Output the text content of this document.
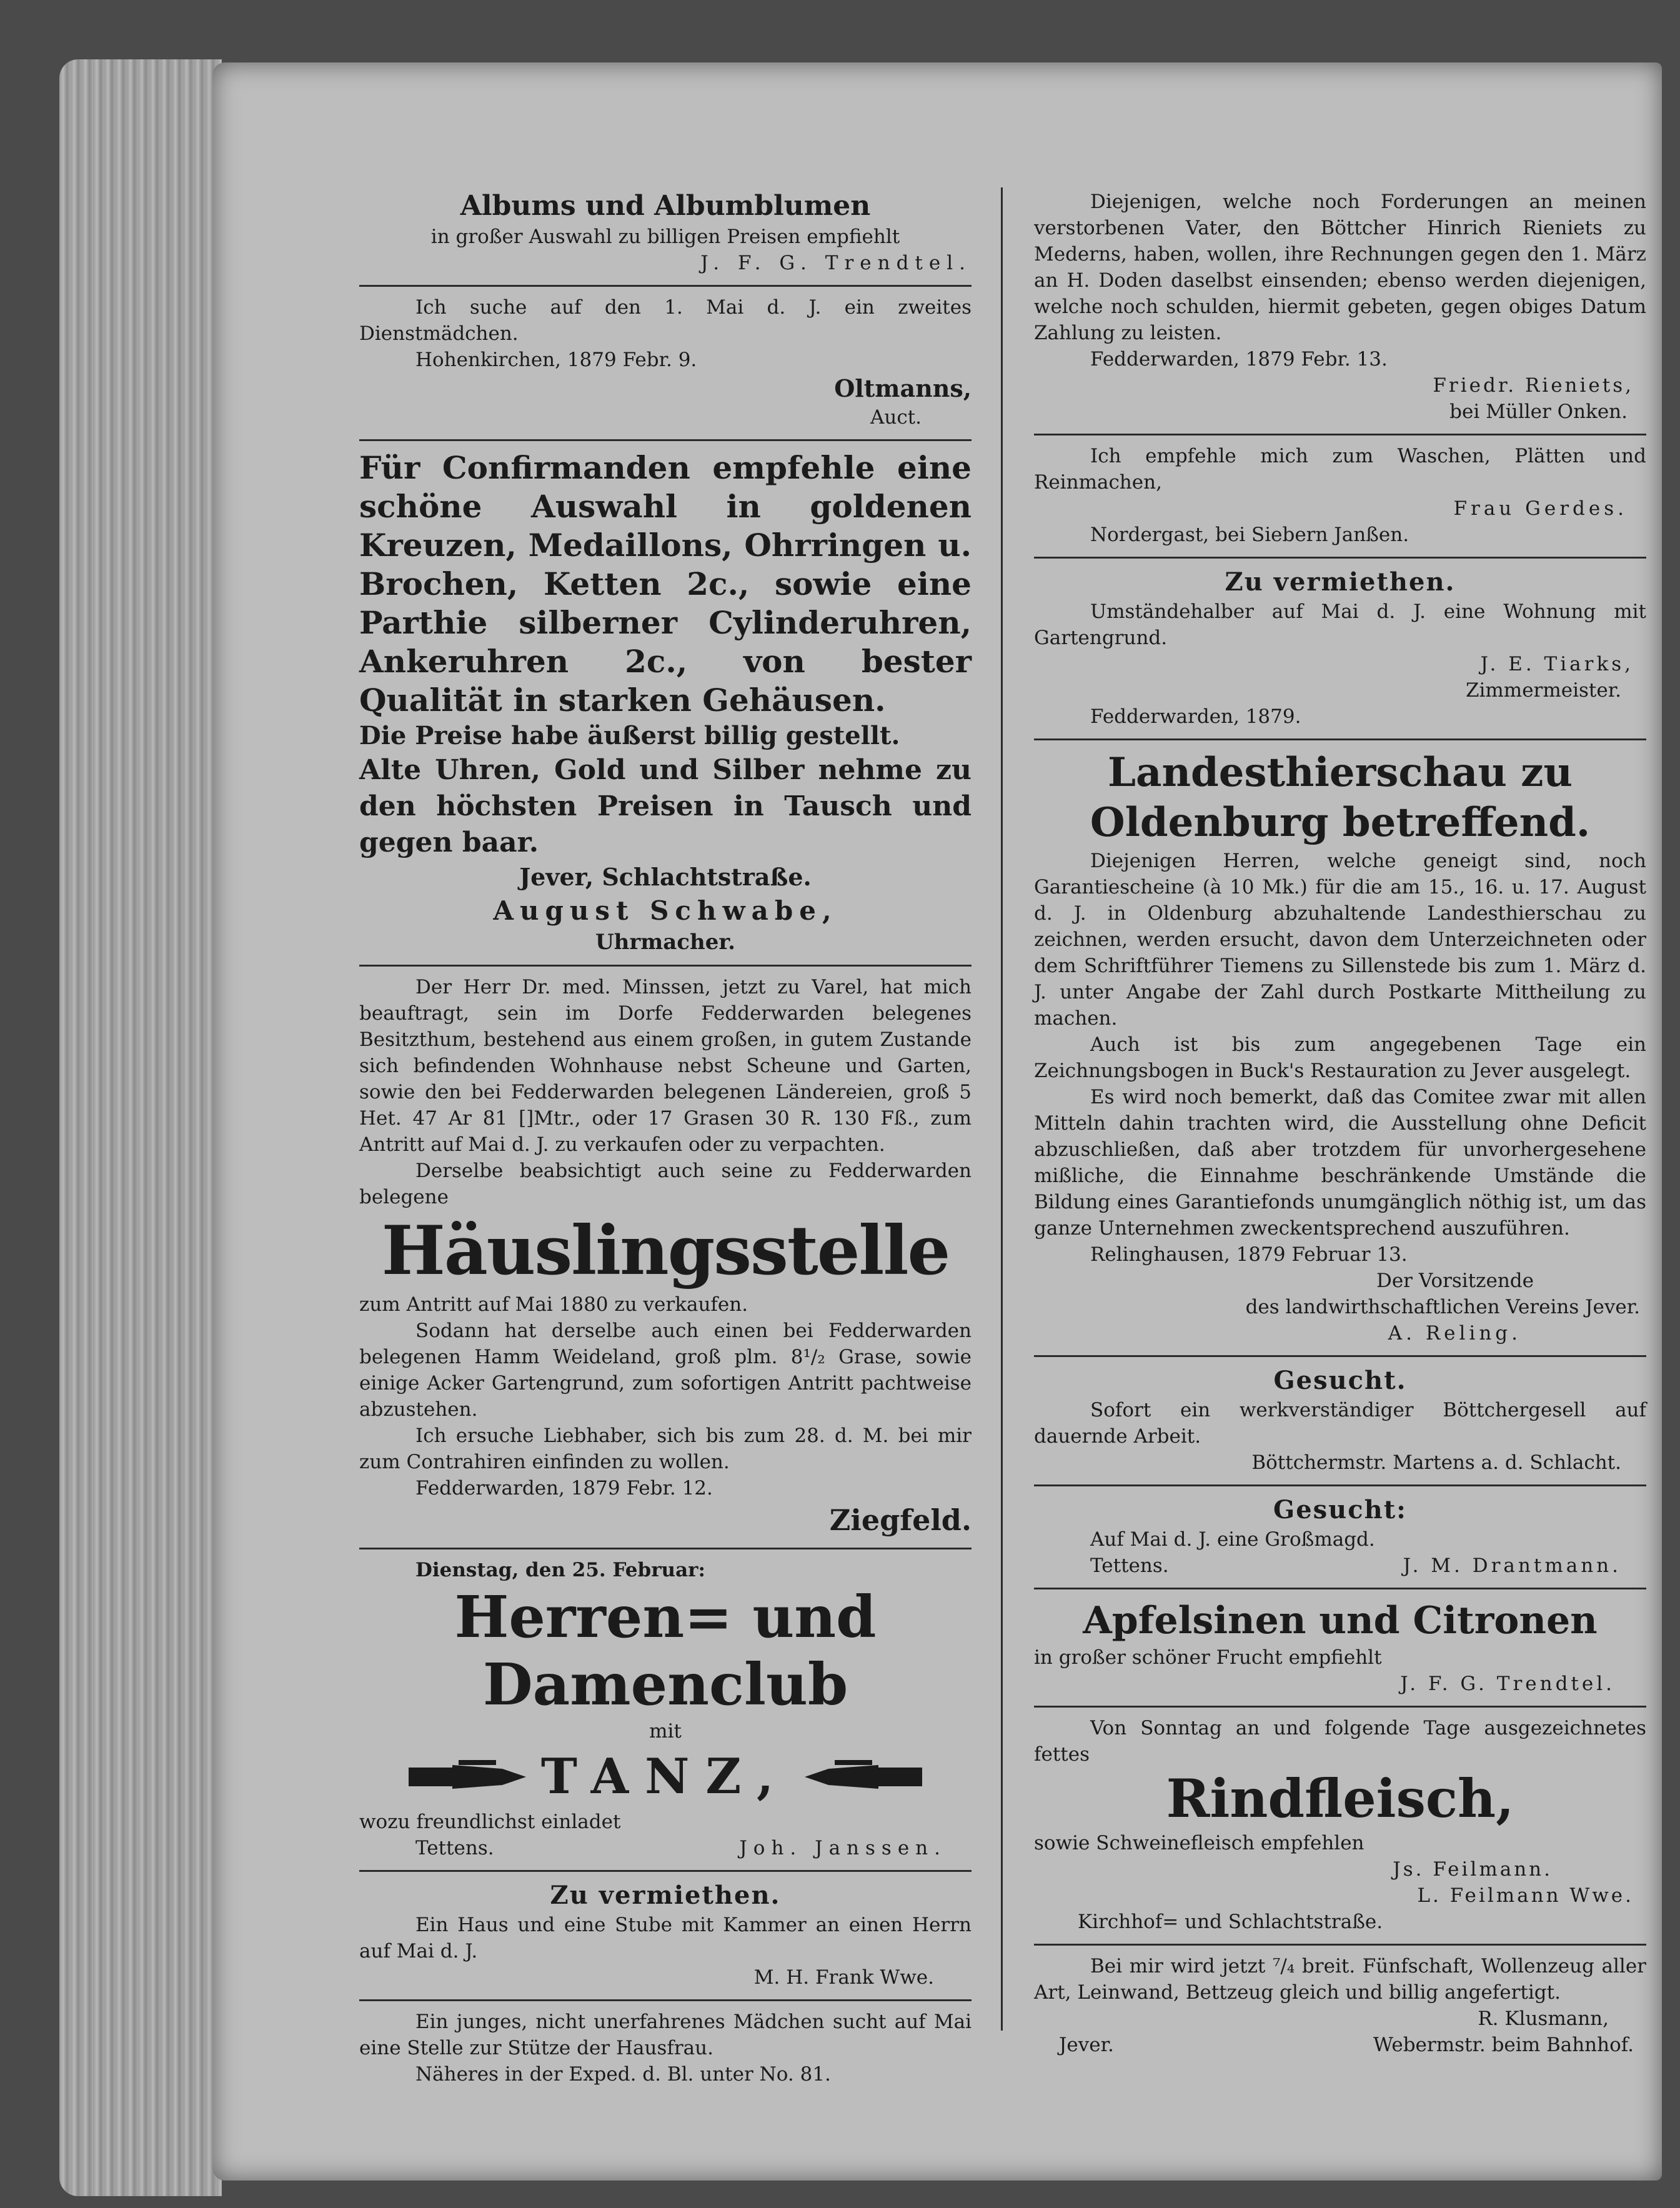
Albums und Albumblumen

in großer Auswahl zu billigen Preisen empfiehlt

J. F. G. Trendtel.

Ich suche auf den 1. Mai d. J. ein zweites Dienstmädchen.

Hohenkirchen, 1879 Febr. 9.

Oltmanns,

Auct.

Für Confirmanden empfehle eine schöne Auswahl in goldenen Kreuzen, Medaillons, Ohrringen u. Brochen, Ketten 2c., sowie eine Parthie silberner Cylinderuhren, Ankeruhren 2c., von bester Qualität in starken Gehäusen.

Die Preise habe äußerst billig gestellt.

Alte Uhren, Gold und Silber nehme zu den höchsten Preisen in Tausch und gegen baar.

Jever, Schlachtstraße.

August Schwabe,

Uhrmacher.

Der Herr Dr. med. Minssen, jetzt zu Varel, hat mich beauftragt, sein im Dorfe Fedderwarden belegenes Besitzthum, bestehend aus einem großen, in gutem Zustande sich befindenden Wohnhause nebst Scheune und Garten, sowie den bei Fedderwarden belegenen Ländereien, groß 5 Het. 47 Ar 81 []Mtr., oder 17 Grasen 30 R. 130 Fß., zum Antritt auf Mai d. J. zu verkaufen oder zu verpachten.

Derselbe beabsichtigt auch seine zu Fedderwarden belegene

Häuslingsstelle

zum Antritt auf Mai 1880 zu verkaufen.

Sodann hat derselbe auch einen bei Fedderwarden belegenen Hamm Weideland, groß plm. 8¹/₂ Grase, sowie einige Acker Gartengrund, zum sofortigen Antritt pachtweise abzustehen.

Ich ersuche Liebhaber, sich bis zum 28. d. M. bei mir zum Contrahiren einfinden zu wollen.

Fedderwarden, 1879 Febr. 12.

Ziegfeld.

Dienstag, den 25. Februar:

Herren= und Damenclub

mit

TANZ,

wozu freundlichst einladet

Tettens.	Joh. Janssen.

Zu vermiethen.

Ein Haus und eine Stube mit Kammer an einen Herrn auf Mai d. J.

M. H. Frank Wwe.

Ein junges, nicht unerfahrenes Mädchen sucht auf Mai eine Stelle zur Stütze der Hausfrau.

Näheres in der Exped. d. Bl. unter No. 81.

Diejenigen, welche noch Forderungen an meinen verstorbenen Vater, den Böttcher Hinrich Rieniets zu Mederns, haben, wollen, ihre Rechnungen gegen den 1. März an H. Doden daselbst einsenden; ebenso werden diejenigen, welche noch schulden, hiermit gebeten, gegen obiges Datum Zahlung zu leisten.

Fedderwarden, 1879 Febr. 13.

Friedr. Rieniets,

bei Müller Onken.

Ich empfehle mich zum Waschen, Plätten und Reinmachen,

Frau Gerdes.

Nordergast, bei Siebern Janßen.

Zu vermiethen.

Umständehalber auf Mai d. J. eine Wohnung mit Gartengrund.

J. E. Tiarks,

Zimmermeister.

Fedderwarden, 1879.

Landesthierschau zu Oldenburg betreffend.

Diejenigen Herren, welche geneigt sind, noch Garantiescheine (à 10 Mk.) für die am 15., 16. u. 17. August d. J. in Oldenburg abzuhaltende Landesthierschau zu zeichnen, werden ersucht, davon dem Unterzeichneten oder dem Schriftführer Tiemens zu Sillenstede bis zum 1. März d. J. unter Angabe der Zahl durch Postkarte Mittheilung zu machen.

Auch ist bis zum angegebenen Tage ein Zeichnungsbogen in Buck's Restauration zu Jever ausgelegt.

Es wird noch bemerkt, daß das Comitee zwar mit allen Mitteln dahin trachten wird, die Ausstellung ohne Deficit abzuschließen, daß aber trotzdem für unvorhergesehene mißliche, die Einnahme beschränkende Umstände die Bildung eines Garantiefonds unumgänglich nöthig ist, um das ganze Unternehmen zweckentsprechend auszuführen.

Relinghausen, 1879 Februar 13.

Der Vorsitzende

des landwirthschaftlichen Vereins Jever.

A. Reling.

Gesucht.

Sofort ein werkverständiger Böttchergesell auf dauernde Arbeit.

Böttchermstr. Martens a. d. Schlacht.

Gesucht:

Auf Mai d. J. eine Großmagd.

Tettens.	J. M. Drantmann.

Apfelsinen und Citronen

in großer schöner Frucht empfiehlt

J. F. G. Trendtel.

Von Sonntag an und folgende Tage ausgezeichnetes fettes

Rindfleisch,

sowie Schweinefleisch empfehlen

Js. Feilmann.

L. Feilmann Wwe.

Kirchhof= und Schlachtstraße.

Bei mir wird jetzt ⁷/₄ breit. Fünfschaft, Wollenzeug aller Art, Leinwand, Bettzeug gleich und billig angefertigt.

R. Klusmann,

Jever.	Webermstr. beim Bahnhof.
